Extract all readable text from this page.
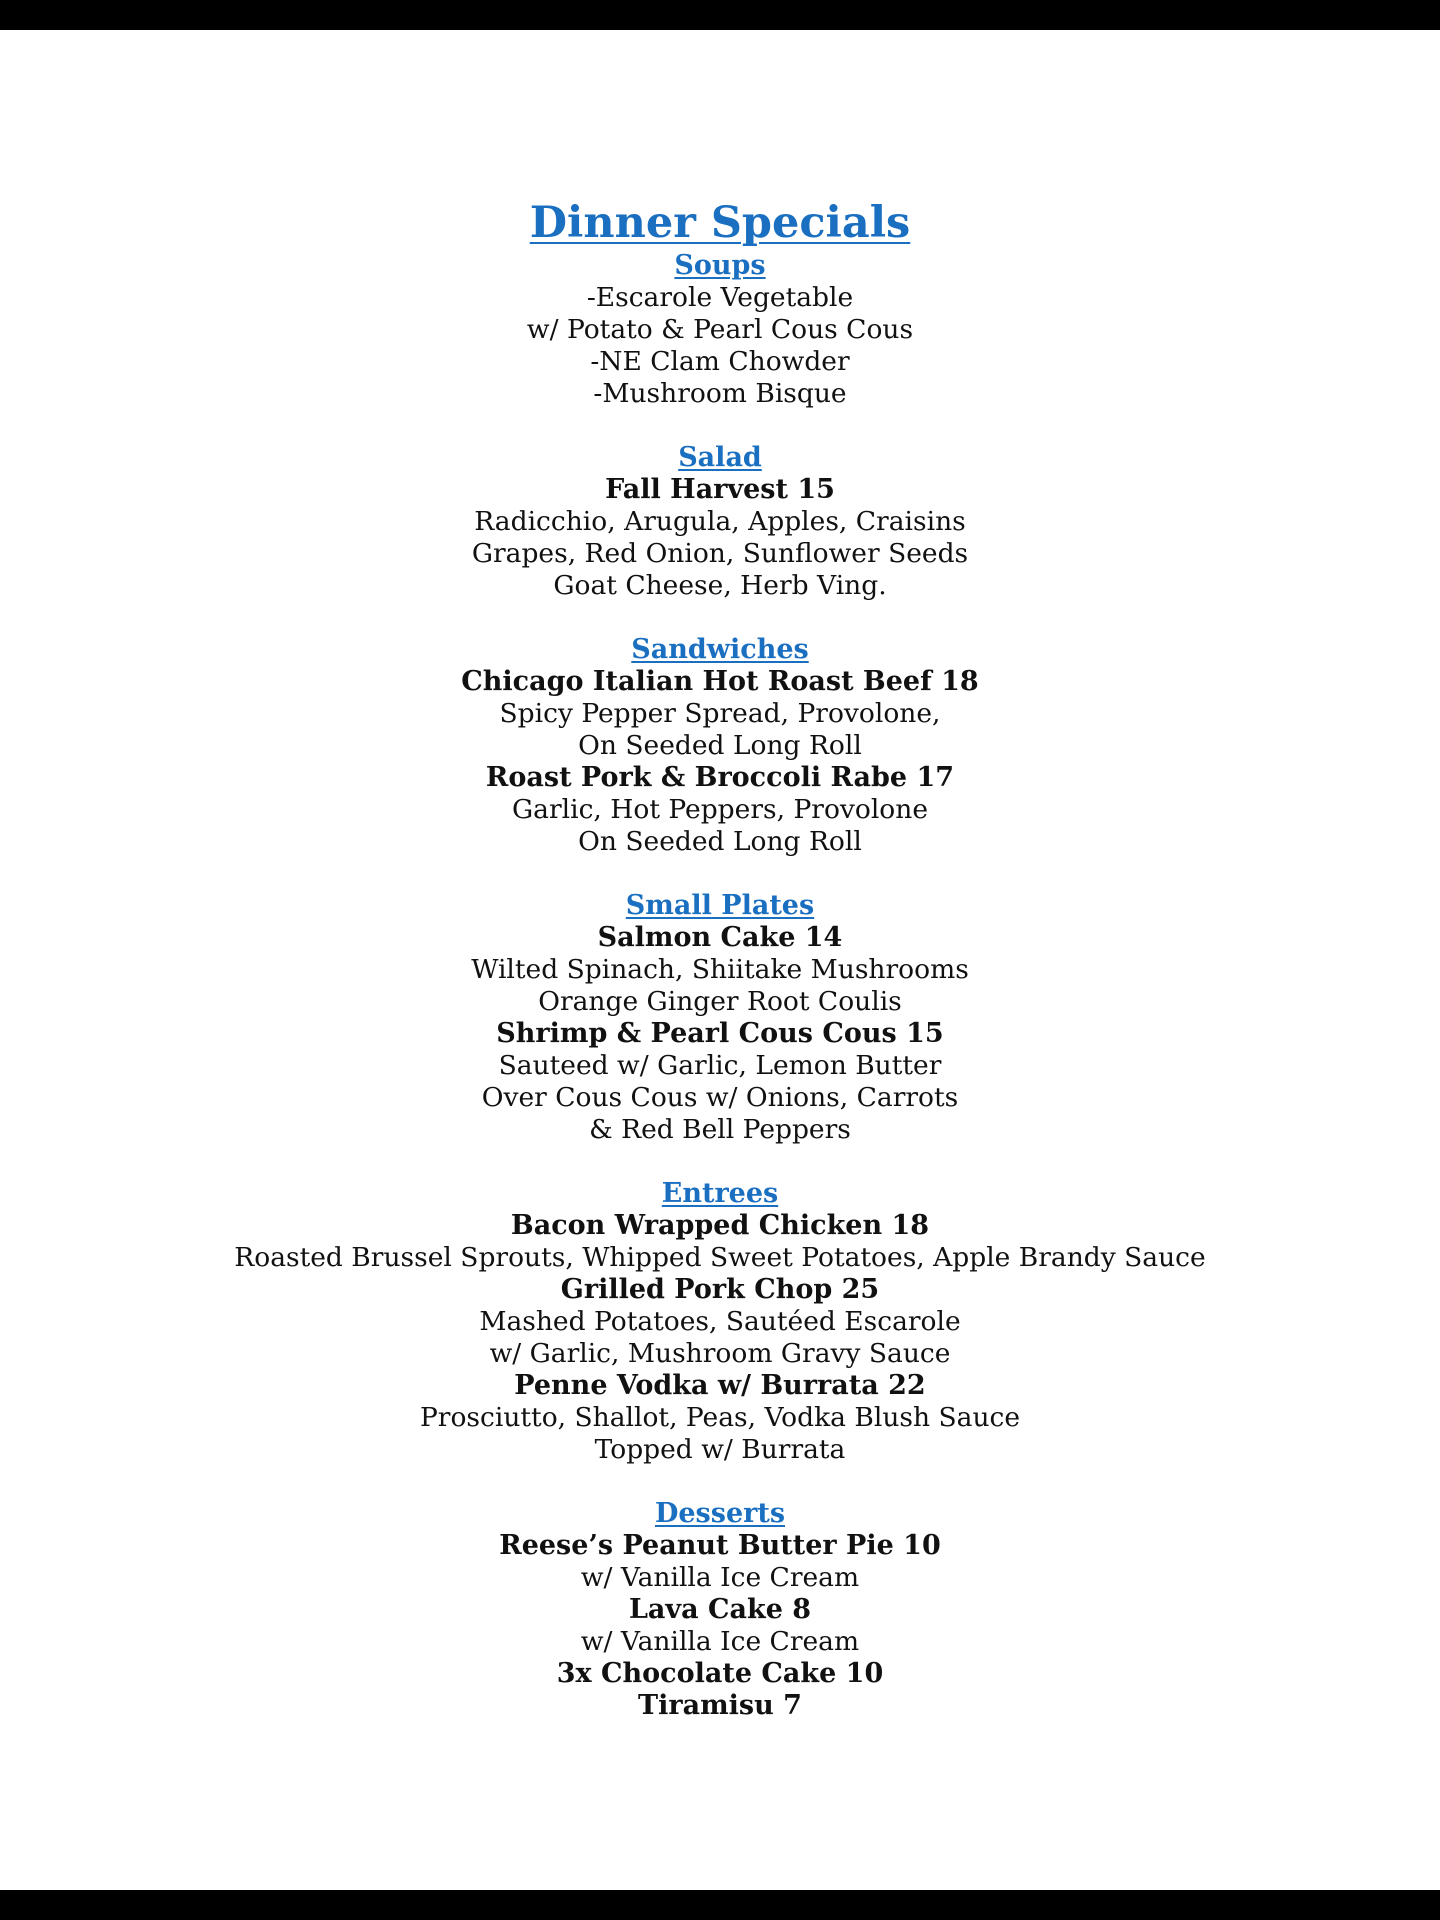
Dinner Specials
Soups
-Escarole Vegetable
w/ Potato & Pearl Cous Cous
-NE Clam Chowder
-Mushroom Bisque
Salad
Fall Harvest 15
Radicchio, Arugula, Apples, Craisins
Grapes, Red Onion, Sunflower Seeds
Goat Cheese, Herb Ving.
Sandwiches
Chicago Italian Hot Roast Beef 18
Spicy Pepper Spread, Provolone,
On Seeded Long Roll
Roast Pork & Broccoli Rabe 17
Garlic, Hot Peppers, Provolone
On Seeded Long Roll
Small Plates
Salmon Cake 14
Wilted Spinach, Shiitake Mushrooms
Orange Ginger Root Coulis
Shrimp & Pearl Cous Cous 15
Sauteed w/ Garlic, Lemon Butter
Over Cous Cous w/ Onions, Carrots
& Red Bell Peppers
Entrees
Bacon Wrapped Chicken 18
Roasted Brussel Sprouts, Whipped Sweet Potatoes, Apple Brandy Sauce
Grilled Pork Chop 25
Mashed Potatoes, Sautéed Escarole
w/ Garlic, Mushroom Gravy Sauce
Penne Vodka w/ Burrata 22
Prosciutto, Shallot, Peas, Vodka Blush Sauce
Topped w/ Burrata
Desserts
Reese’s Peanut Butter Pie 10
w/ Vanilla Ice Cream
Lava Cake 8
w/ Vanilla Ice Cream
3x Chocolate Cake 10
Tiramisu 7
